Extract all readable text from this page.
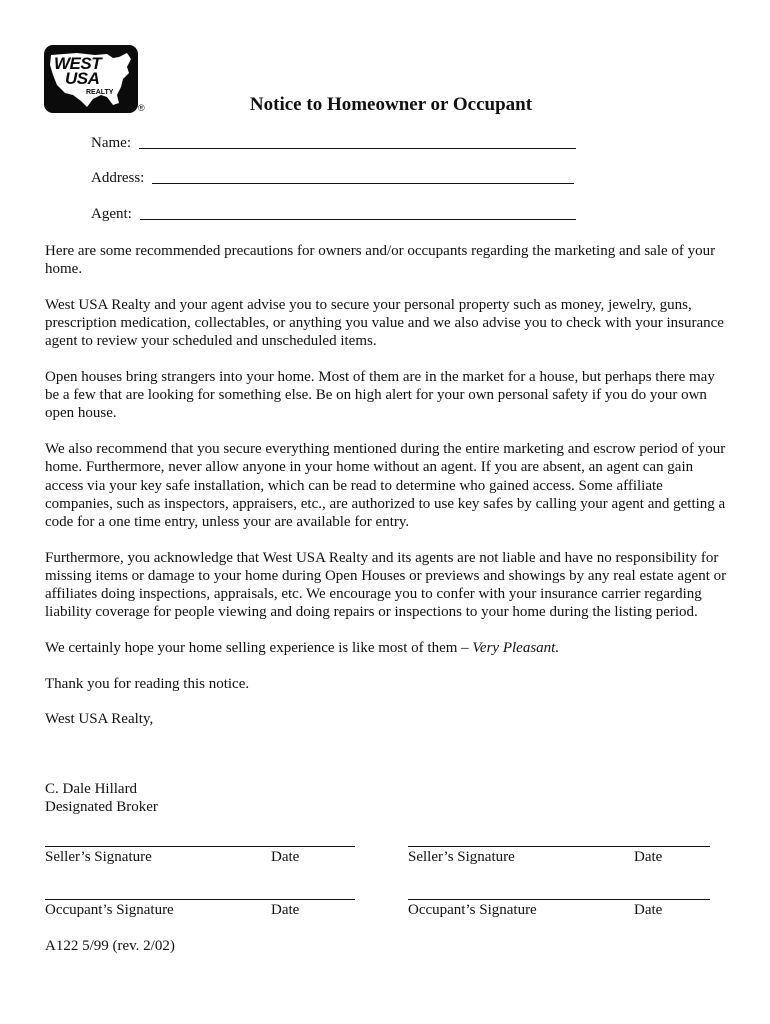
WEST
USA
REALTY
®	Notice to Homeowner or Occupant
Name:
Address:
Agent:

Here are some recommended precautions for owners and/or occupants regarding the marketing and sale of your home.

West USA Realty and your agent advise you to secure your personal property such as money, jewelry, guns, prescription medication, collectables, or anything you value and we also advise you to check with your insurance agent to review your scheduled and unscheduled items.

Open houses bring strangers into your home. Most of them are in the market for a house, but perhaps there may be a few that are looking for something else. Be on high alert for your own personal safety if you do your own open house.

We also recommend that you secure everything mentioned during the entire marketing and escrow period of your home. Furthermore, never allow anyone in your home without an agent. If you are absent, an agent can gain access via your key safe installation, which can be read to determine who gained access. Some affiliate companies, such as inspectors, appraisers, etc., are authorized to use key safes by calling your agent and getting a code for a one time entry, unless your are available for entry.

Furthermore, you acknowledge that West USA Realty and its agents are not liable and have no responsibility for missing items or damage to your home during Open Houses or previews and showings by any real estate agent or affiliates doing inspections, appraisals, etc. We encourage you to confer with your insurance carrier regarding liability coverage for people viewing and doing repairs or inspections to your home during the listing period.

We certainly hope your home selling experience is like most of them – Very Pleasant.

Thank you for reading this notice.

West USA Realty,

C. Dale Hillard
Designated Broker
Seller’s Signature	Date	Seller’s Signature	Date
Occupant’s Signature	Date	Occupant’s Signature	Date
A122 5/99 (rev. 2/02)
